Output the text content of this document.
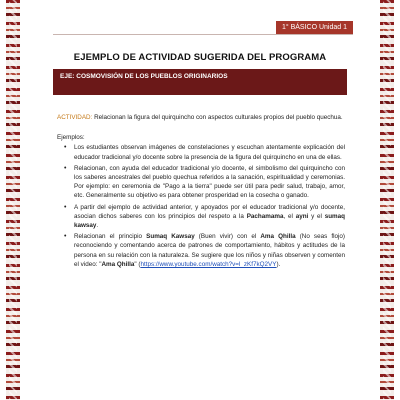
1° BÁSICO Unidad 1
EJEMPLO DE ACTIVIDAD SUGERIDA DEL PROGRAMA
EJE: COSMOVISIÓN DE LOS PUEBLOS ORIGINARIOS

ACTIVIDAD: Relacionan la figura del quirquincho con aspectos culturales propios del pueblo quechua.

Ejemplos:

• Los estudiantes observan imágenes de constelaciones y escuchan atentamente explicación del educador tradicional y/o docente sobre la presencia de la figura del quirquincho en una de ellas.
• Relacionan, con ayuda del educador tradicional y/o docente, el simbolismo del quirquincho con los saberes ancestrales del pueblo quechua referidos a la sanación, espiritualidad y ceremonias. Por ejemplo: en ceremonia de "Pago a la tierra" puede ser útil para pedir salud, trabajo, amor, etc. Generalmente su objetivo es para obtener prosperidad en la cosecha o ganado.
• A partir del ejemplo de actividad anterior, y apoyados por el educador tradicional y/o docente, asocian dichos saberes con los principios del respeto a la Pachamama, el ayni y el sumaq kawsay.
• Relacionan el principio Sumaq Kawsay (Buen vivir) con el Ama Qhilla (No seas flojo) reconociendo y comentando acerca de patrones de comportamiento, hábitos y actitudes de la persona en su relación con la naturaleza. Se sugiere que los niños y niñas observen y comenten el video: "Ama Qhilla" (https://www.youtube.com/watch?v=l_zKf7kQ2VY).
